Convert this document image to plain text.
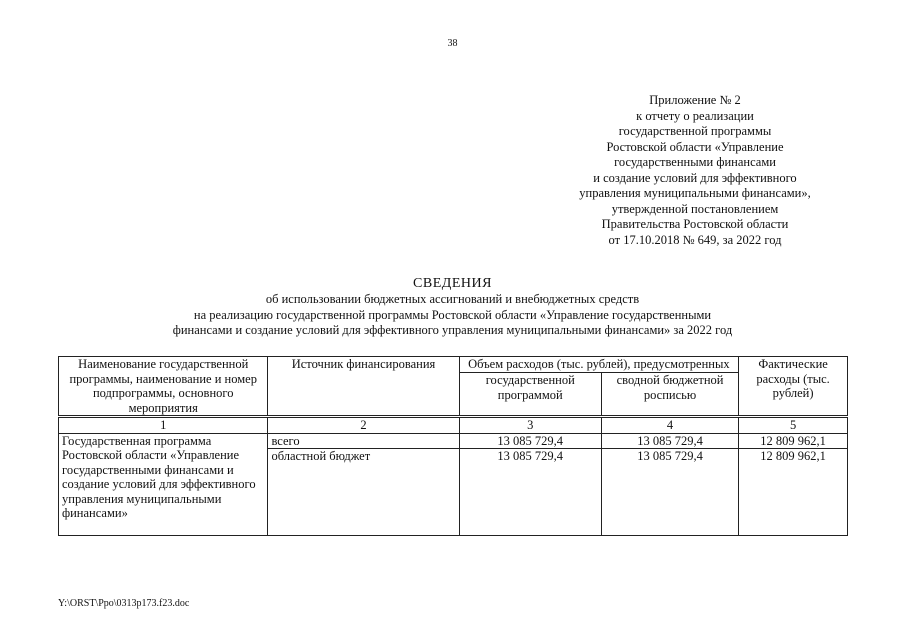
38
Приложение № 2
к отчету о реализации
государственной программы
Ростовской области «Управление
государственными финансами
и создание условий для эффективного
управления муниципальными финансами»,
утвержденной постановлением
Правительства Ростовской области
от 17.10.2018 № 649, за 2022 год
СВЕДЕНИЯ
об использовании бюджетных ассигнований и внебюджетных средств
на реализацию государственной программы Ростовской области «Управление государственными
финансами и создание условий для эффективного управления муниципальными финансами» за 2022 год
Наименование государственной программы, наименование и номер подпрограммы, основного мероприятия	Источник финансирования	Объем расходов (тыс. рублей), предусмотренных		Фактические расходы (тыс. рублей)
		государственной программой	сводной бюджетной росписью	
1	2	3	4	5
Государственная программа Ростовской области «Управление государственными финансами и создание условий для эффективного управления муниципальными финансами»	всего	13 085 729,4	13 085 729,4	12 809 962,1
	областной бюджет	13 085 729,4	13 085 729,4	12 809 962,1
Y:\ORST\Ppo\0313p173.f23.doc
